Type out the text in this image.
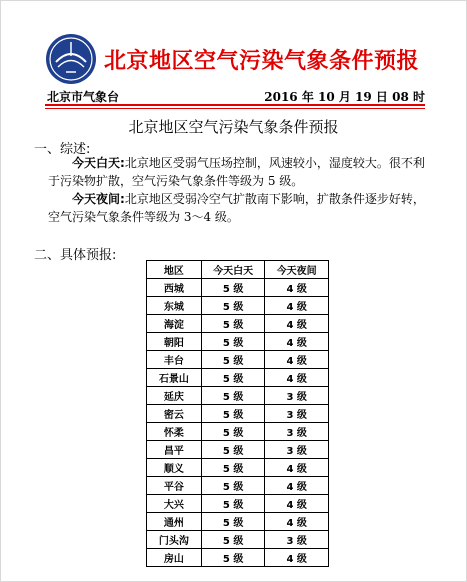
北京地区空气污染气象条件预报
北京市气象台	2016 年 10 月 19 日 08 时
北京地区空气污染气象条件预报
一、综述:
今天白天:北京地区受弱气压场控制，风速较小，湿度较大。很不利于污染物扩散，空气污染气象条件等级为 5 级。
今天夜间:北京地区受弱冷空气扩散南下影响，扩散条件逐步好转，空气污染气象条件等级为 3～4 级。
二、具体预报:
地区	今天白天	今天夜间
西城	5 级	4 级
东城	5 级	4 级
海淀	5 级	4 级
朝阳	5 级	4 级
丰台	5 级	4 级
石景山	5 级	4 级
延庆	5 级	3 级
密云	5 级	3 级
怀柔	5 级	3 级
昌平	5 级	3 级
顺义	5 级	4 级
平谷	5 级	4 级
大兴	5 级	4 级
通州	5 级	4 级
门头沟	5 级	3 级
房山	5 级	4 级
